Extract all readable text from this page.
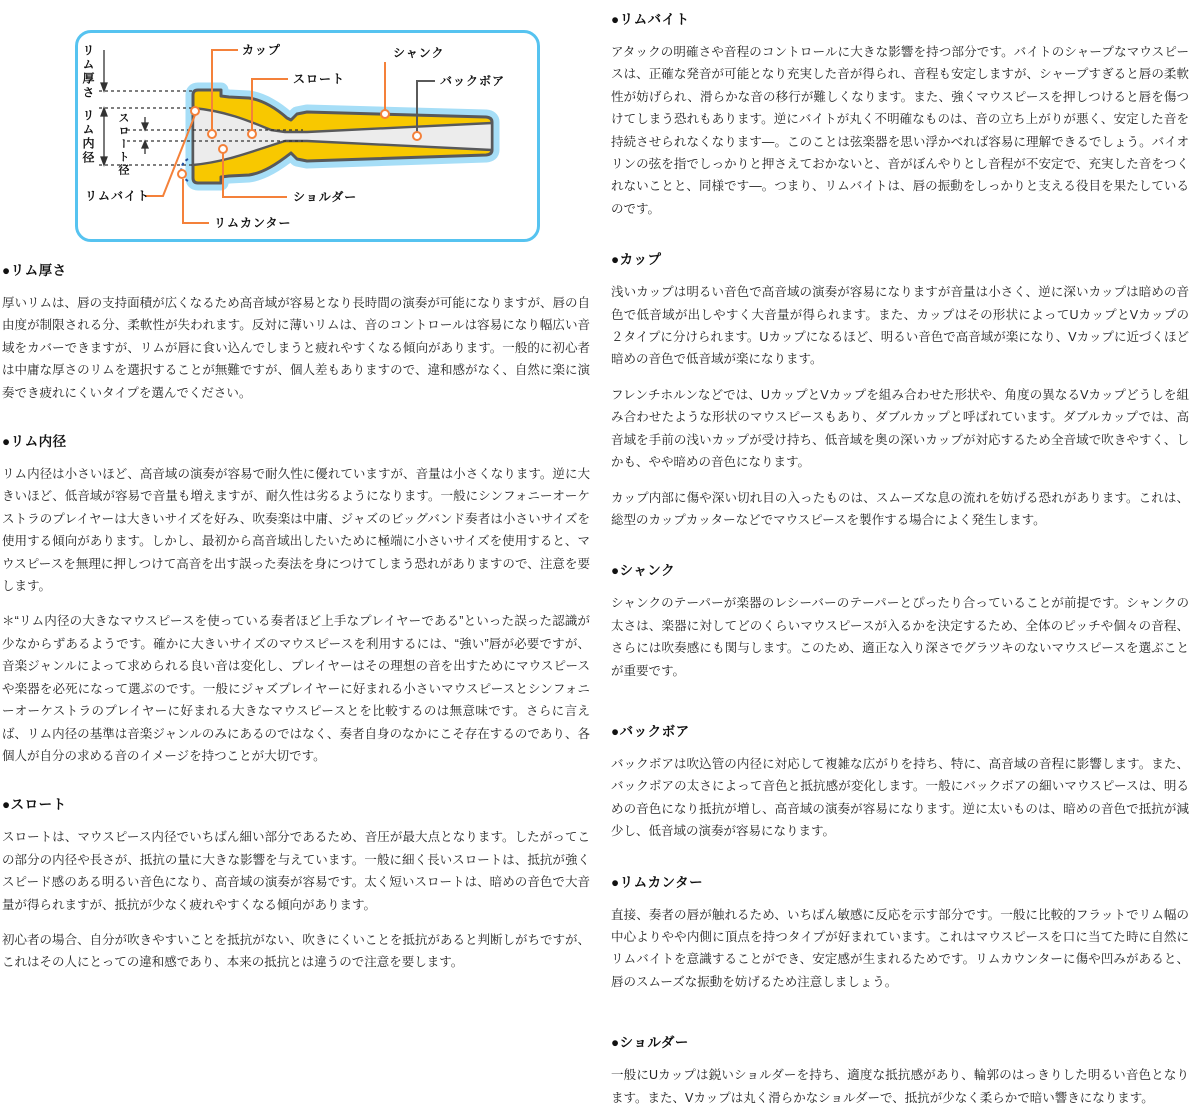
リム厚さ
リム内径 スロート径
カップ
スロート
シャンク
バックボア
リムバイト	ショルダー
リムカンター
●リム厚さ

厚いリムは、唇の支持面積が広くなるため高音域が容易となり長時間の演奏が可能になりますが、唇の自由度が制限される分、柔軟性が失われます。反対に薄いリムは、音のコントロールは容易になり幅広い音域をカバーできますが、リムが唇に食い込んでしまうと疲れやすくなる傾向があります。一般的に初心者は中庸な厚さのリムを選択することが無難ですが、個人差もありますので、違和感がなく、自然に楽に演奏でき疲れにくいタイプを選んでください。

●リム内径

リム内径は小さいほど、高音域の演奏が容易で耐久性に優れていますが、音量は小さくなります。逆に大きいほど、低音域が容易で音量も増えますが、耐久性は劣るようになります。一般にシンフォニーオーケストラのプレイヤーは大きいサイズを好み、吹奏楽は中庸、ジャズのビッグバンド奏者は小さいサイズを使用する傾向があります。しかし、最初から高音域出したいために極端に小さいサイズを使用すると、マウスピースを無理に押しつけて高音を出す誤った奏法を身につけてしまう恐れがありますので、注意を要します。

＊“リム内径の大きなマウスピースを使っている奏者ほど上手なプレイヤーである”といった誤った認識が少なからずあるようです。確かに大きいサイズのマウスピースを利用するには、“強い”唇が必要ですが、音楽ジャンルによって求められる良い音は変化し、プレイヤーはその理想の音を出すためにマウスピースや楽器を必死になって選ぶのです。一般にジャズプレイヤーに好まれる小さいマウスピースとシンフォニーオーケストラのプレイヤーに好まれる大きなマウスピースとを比較するのは無意味です。さらに言えば、リム内径の基準は音楽ジャンルのみにあるのではなく、奏者自身のなかにこそ存在するのであり、各個人が自分の求める音のイメージを持つことが大切です。

●スロート

スロートは、マウスピース内径でいちばん細い部分であるため、音圧が最大点となります。したがってこの部分の内径や長さが、抵抗の量に大きな影響を与えています。一般に細く長いスロートは、抵抗が強くスピード感のある明るい音色になり、高音域の演奏が容易です。太く短いスロートは、暗めの音色で大音量が得られますが、抵抗が少なく疲れやすくなる傾向があります。

初心者の場合、自分が吹きやすいことを抵抗がない、吹きにくいことを抵抗があると判断しがちですが、これはその人にとっての違和感であり、本来の抵抗とは違うので注意を要します。

●リムバイト

アタックの明確さや音程のコントロールに大きな影響を持つ部分です。バイトのシャープなマウスピースは、正確な発音が可能となり充実した音が得られ、音程も安定しますが、シャープすぎると唇の柔軟性が妨げられ、滑らかな音の移行が難しくなります。また、強くマウスピースを押しつけると唇を傷つけてしまう恐れもあります。逆にバイトが丸く不明確なものは、音の立ち上がりが悪く、安定した音を持続させられなくなります―。このことは弦楽器を思い浮かべれば容易に理解できるでしょう。バイオリンの弦を指でしっかりと押さえておかないと、音がぼんやりとし音程が不安定で、充実した音をつくれないことと、同様です―。つまり、リムバイトは、唇の振動をしっかりと支える役目を果たしているのです。

●カップ

浅いカップは明るい音色で高音域の演奏が容易になりますが音量は小さく、逆に深いカップは暗めの音色で低音域が出しやすく大音量が得られます。また、カップはその形状によってUカップとVカップの２タイプに分けられます。Uカップになるほど、明るい音色で高音域が楽になり、Vカップに近づくほど暗めの音色で低音域が楽になります。

フレンチホルンなどでは、UカップとVカップを組み合わせた形状や、角度の異なるVカップどうしを組み合わせたような形状のマウスピースもあり、ダブルカップと呼ばれています。ダブルカップでは、高音域を手前の浅いカップが受け持ち、低音域を奥の深いカップが対応するため全音域で吹きやすく、しかも、やや暗めの音色になります。

カップ内部に傷や深い切れ目の入ったものは、スムーズな息の流れを妨げる恐れがあります。これは、総型のカップカッターなどでマウスピースを製作する場合によく発生します。

●シャンク

シャンクのテーパーが楽器のレシーバーのテーパーとぴったり合っていることが前提です。シャンクの太さは、楽器に対してどのくらいマウスピースが入るかを決定するため、全体のピッチや個々の音程、さらには吹奏感にも関与します。このため、適正な入り深さでグラツキのないマウスピースを選ぶことが重要です。

●バックボア

バックボアは吹込管の内径に対応して複雑な広がりを持ち、特に、高音域の音程に影響します。また、バックボアの太さによって音色と抵抗感が変化します。一般にバックボアの細いマウスピースは、明るめの音色になり抵抗が増し、高音域の演奏が容易になります。逆に太いものは、暗めの音色で抵抗が減少し、低音域の演奏が容易になります。

●リムカンター

直接、奏者の唇が触れるため、いちばん敏感に反応を示す部分です。一般に比較的フラットでリム幅の中心よりやや内側に頂点を持つタイプが好まれています。これはマウスピースを口に当てた時に自然にリムバイトを意識することができ、安定感が生まれるためです。リムカウンターに傷や凹みがあると、唇のスムーズな振動を妨げるため注意しましょう。

●ショルダー

一般にUカップは鋭いショルダーを持ち、適度な抵抗感があり、輪郭のはっきりした明るい音色となります。また、Vカップは丸く滑らかなショルダーで、抵抗が少なく柔らかで暗い響きになります。
